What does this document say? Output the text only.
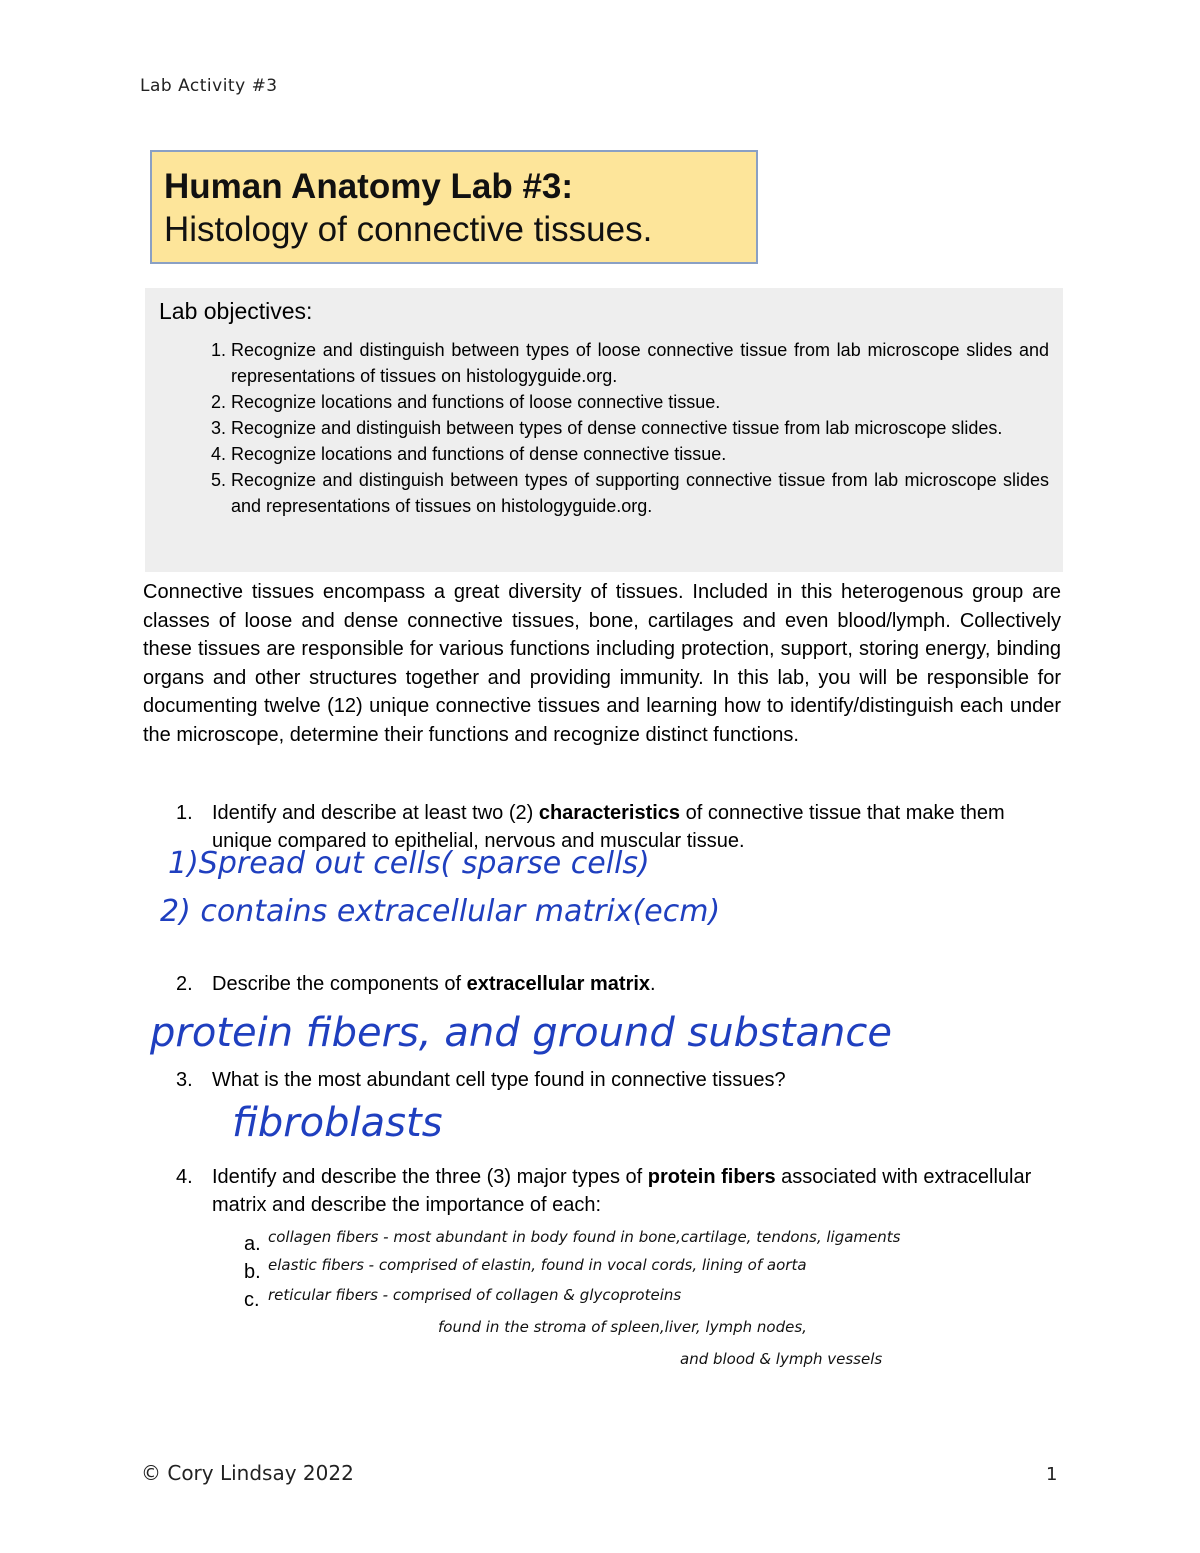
Lab Activity #3
Human Anatomy Lab #3:
Histology of connective tissues.
Lab objectives:
1. Recognize and distinguish between types of loose connective tissue from lab microscope slides and representations of tissues on histologyguide.org.
2. Recognize locations and functions of loose connective tissue.
3. Recognize and distinguish between types of dense connective tissue from lab microscope slides.
4. Recognize locations and functions of dense connective tissue.
5. Recognize and distinguish between types of supporting connective tissue from lab microscope slides and representations of tissues on histologyguide.org.
Connective tissues encompass a great diversity of tissues. Included in this heterogenous group are classes of loose and dense connective tissues, bone, cartilages and even blood/lymph. Collectively these tissues are responsible for various functions including protection, support, storing energy, binding organs and other structures together and providing immunity. In this lab, you will be responsible for documenting twelve (12) unique connective tissues and learning how to identify/distinguish each under the microscope, determine their functions and recognize distinct functions.
1. Identify and describe at least two (2) characteristics of connective tissue that make them unique compared to epithelial, nervous and muscular tissue.
1)Spread out cells( sparse cells)
2) contains extracellular matrix(ecm)
2. Describe the components of extracellular matrix.
protein fibers, and ground substance
3. What is the most abundant cell type found in connective tissues?
fibroblasts
4. Identify and describe the three (3) major types of protein fibers associated with extracellular matrix and describe the importance of each:
a. collagen fibers - most abundant in body found in bone,cartilage, tendons, ligaments
b. elastic fibers - comprised of elastin, found in vocal cords, lining of aorta
c. reticular fibers - comprised of collagen & glycoproteins
found in the stroma of spleen,liver, lymph nodes,
and blood & lymph vessels
© Cory Lindsay 2022	1
